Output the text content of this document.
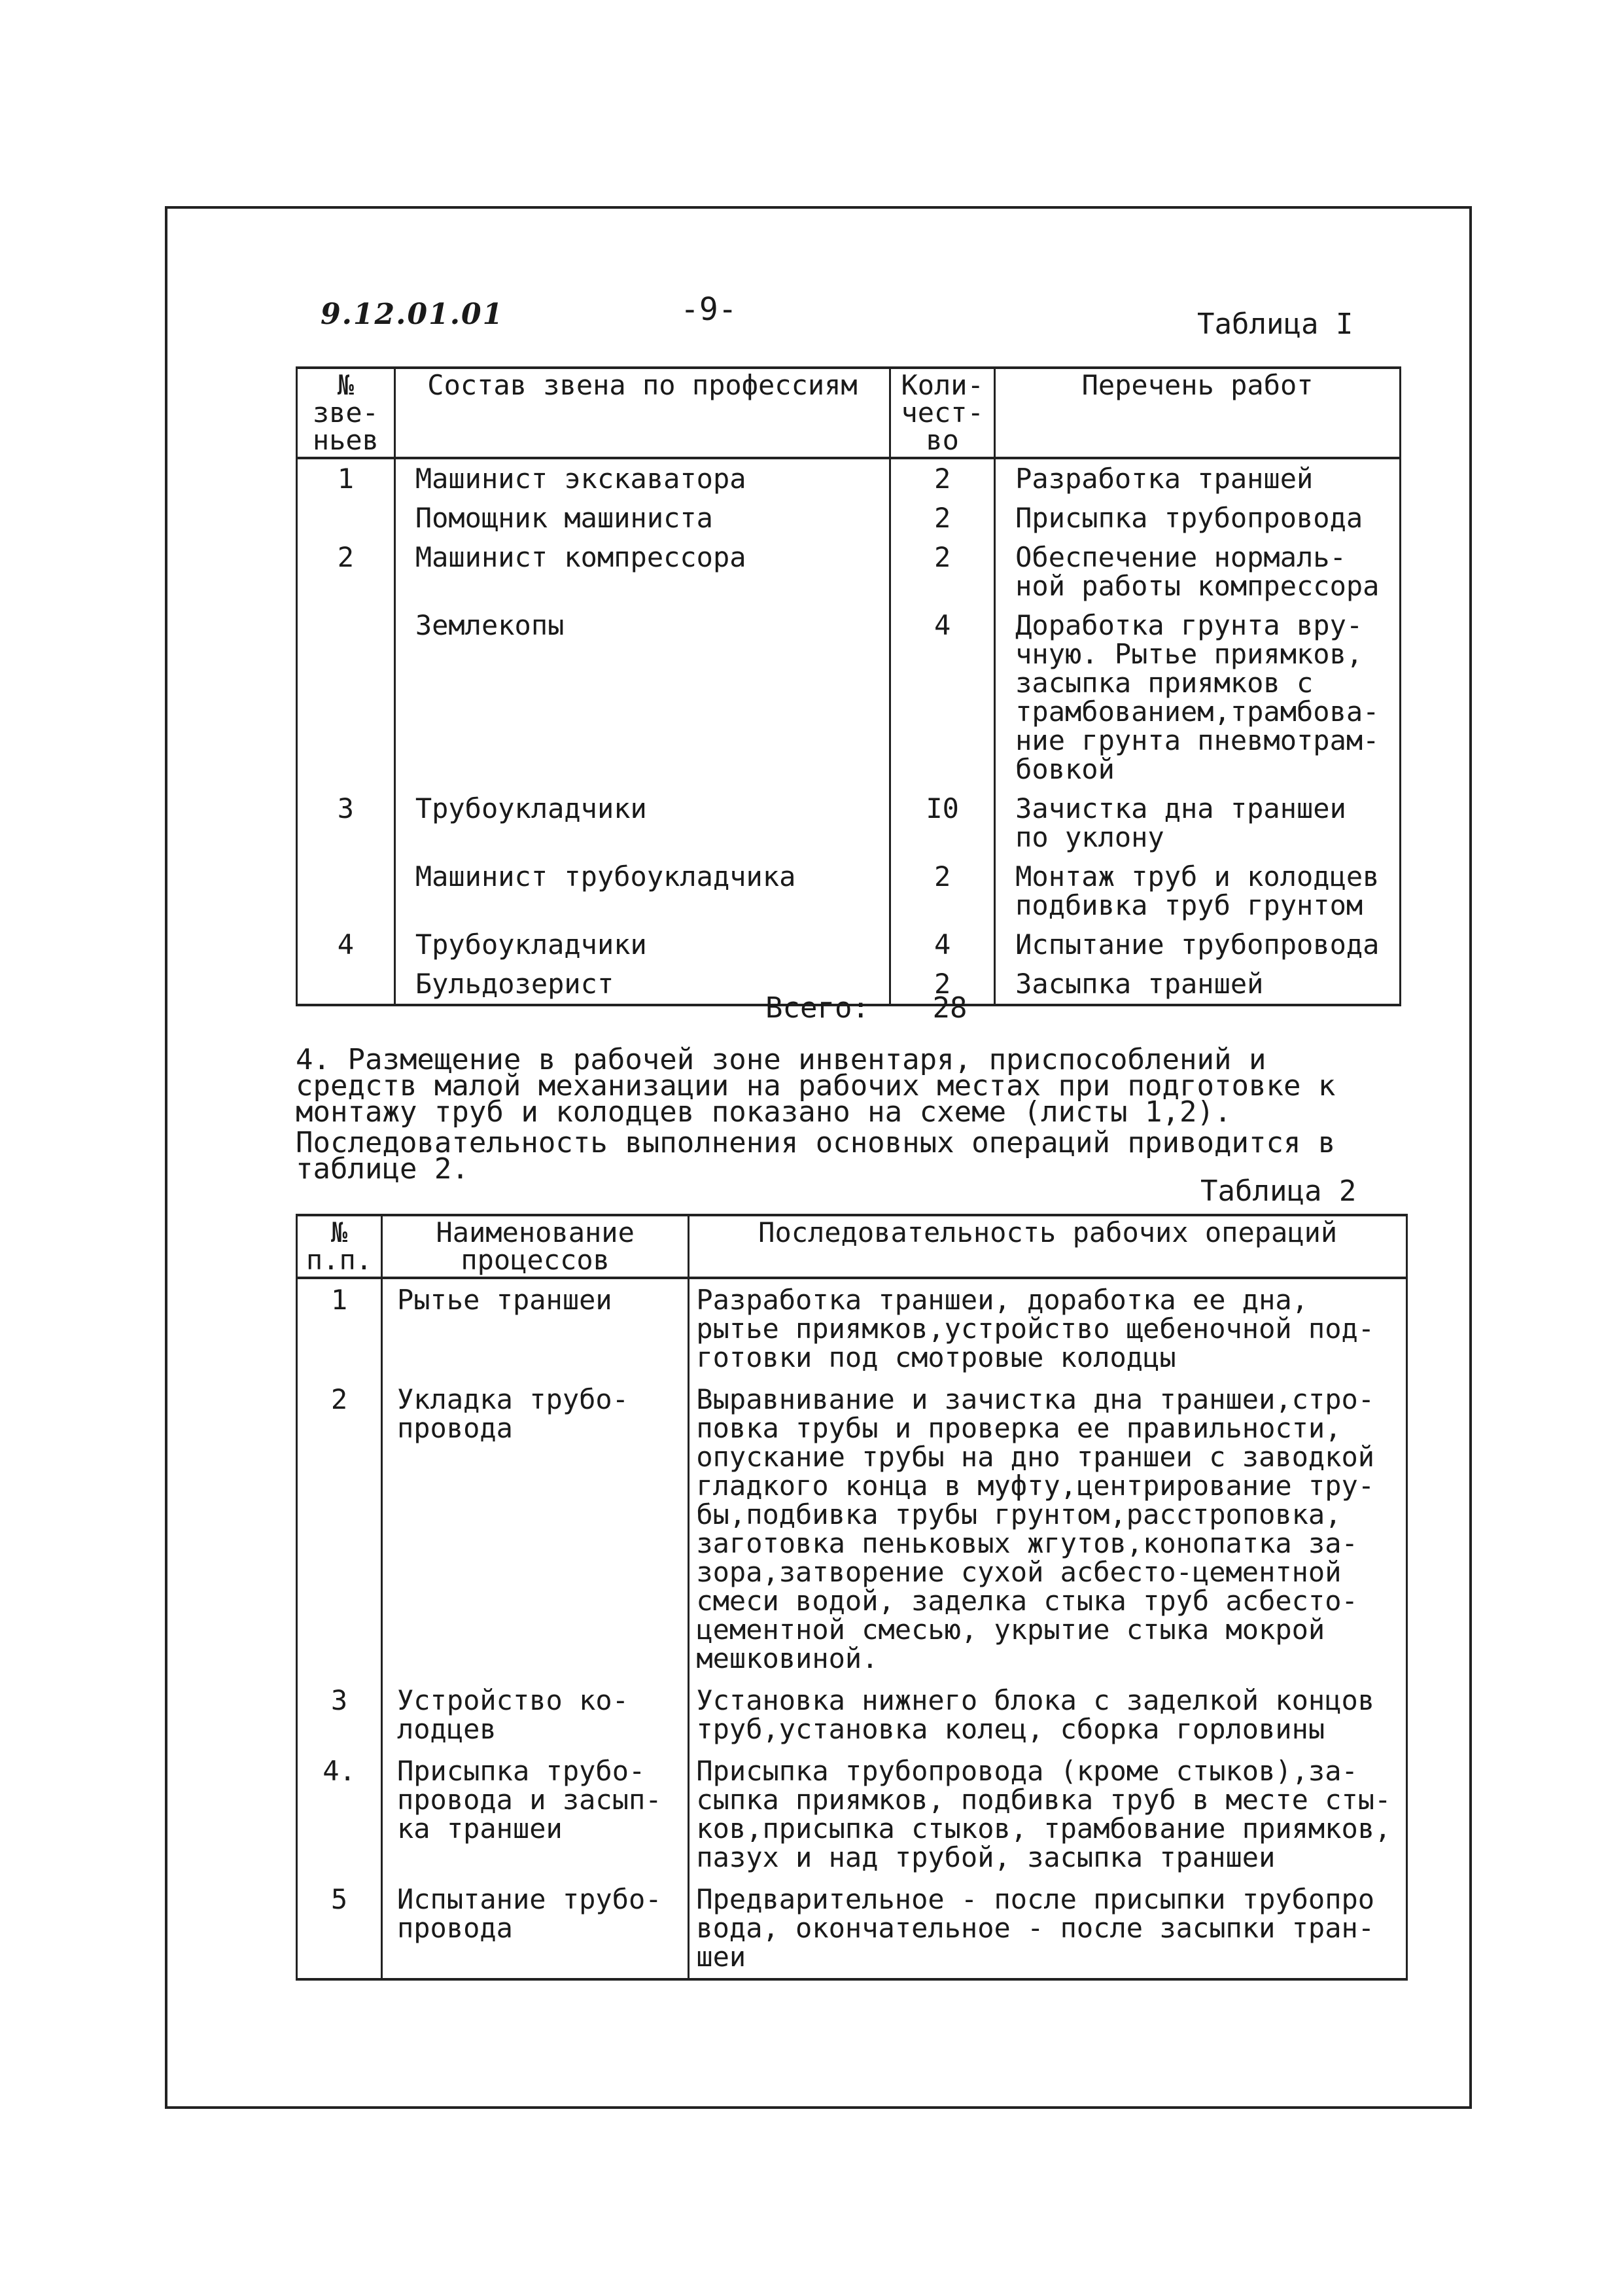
9.12.01.01	-9-	Таблица I
№ зве- ньев	Состав звена по профессиям	Коли- чест- во	Перечень работ
1	Машинист экскаватора	2	Разработка траншей
	Помощник машиниста	2	Присыпка трубопровода
2	Машинист компрессора	2	Обеспечение нормаль- ной работы компрессора
	Землекопы	4	Доработка грунта вру- чную. Рытье приямков, засыпка приямков с трамбованием,трамбова- ние грунта пневмотрам- бовкой
3	Трубоукладчики	I0	Зачистка дна траншеи по уклону
	Машинист трубоукладчика	2	Монтаж труб и колодцев подбивка труб грунтом
4	Трубоукладчики	4	Испытание трубопровода
	Бульдозерист	2	Засыпка траншей
Всего: 28

4. Размещение в рабочей зоне инвентаря, приспособлений и средств малой механизации на рабочих местах при подготовке к монтажу труб и колодцев показано на схеме (листы 1,2).

Последовательность выполнения основных операций приводится в таблице 2.

Таблица 2
№ п.п.	Наименование процессов	Последовательность рабочих операций
1	Рытье траншеи	Разработка траншеи, доработка ее дна, рытье приямков,устройство щебеночной под- готовки под смотровые колодцы
2	Укладка трубо- провода	Выравнивание и зачистка дна траншеи,стро- повка трубы и проверка ее правильности, опускание трубы на дно траншеи с заводкой гладкого конца в муфту,центрирование тру- бы,подбивка трубы грунтом,расстроповка, заготовка пеньковых жгутов,конопатка за- зора,затворение сухой асбесто-цементной смеси водой, заделка стыка труб асбесто- цементной смесью, укрытие стыка мокрой мешковиной.
3	Устройство ко- лодцев	Установка нижнего блока с заделкой концов труб,установка колец, сборка горловины
4.	Присыпка трубо- провода и засып- ка траншеи	Присыпка трубопровода (кроме стыков),за- сыпка приямков, подбивка труб в месте сты- ков,присыпка стыков, трамбование приямков, пазух и над трубой, засыпка траншеи
5	Испытание трубо- провода	Предварительное - после присыпки трубопро вода, окончательное - после засыпки тран- шеи
